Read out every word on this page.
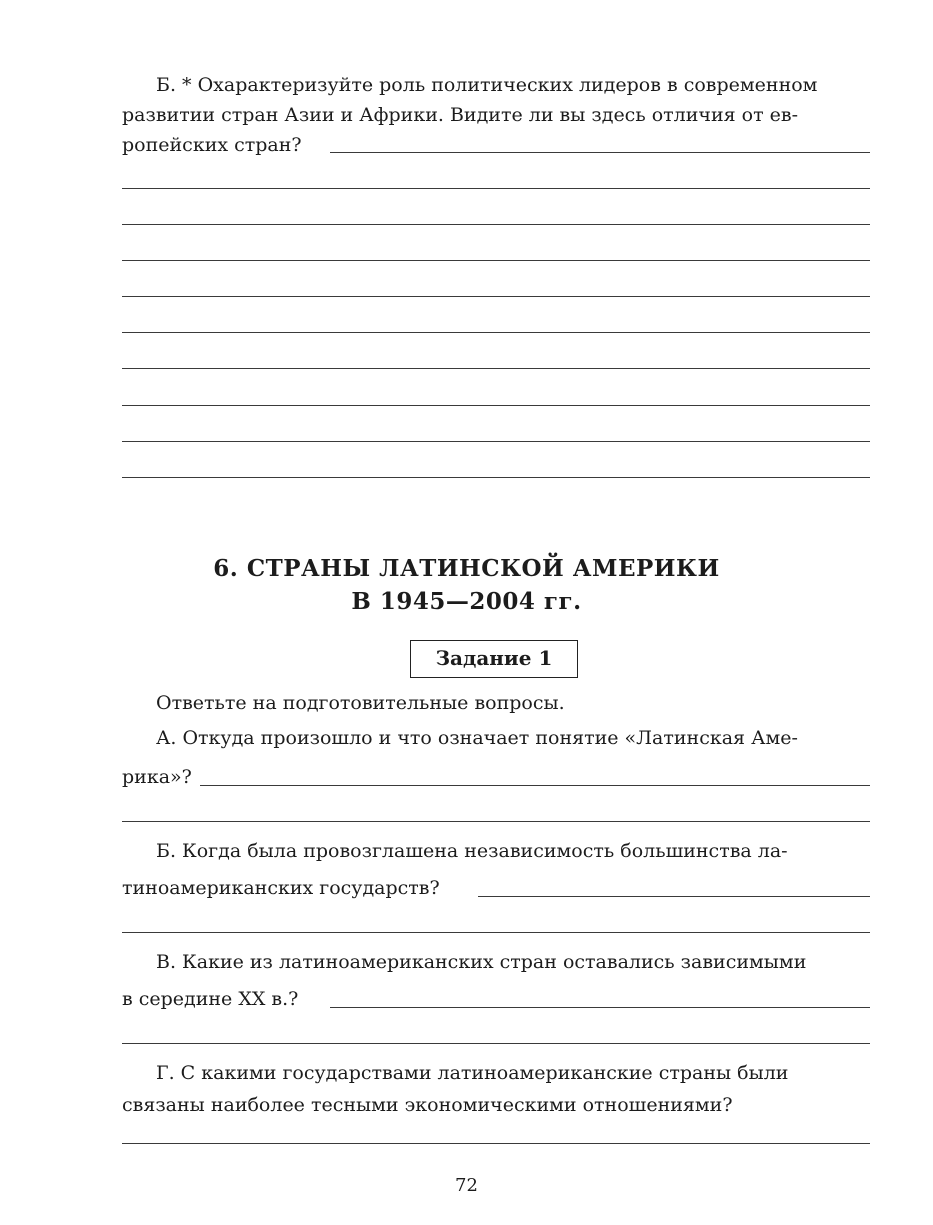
Б. * Охарактеризуйте роль политических лидеров в современном
развитии стран Азии и Африки. Видите ли вы здесь отличия от ев-
ропейских стран?
6. СТРАНЫ ЛАТИНСКОЙ АМЕРИКИ
В 1945—2004 гг.
Задание 1
Ответьте на подготовительные вопросы.
А. Откуда произошло и что означает понятие «Латинская Аме-
рика»?
Б. Когда была провозглашена независимость большинства ла-
тиноамериканских государств?
В. Какие из латиноамериканских стран оставались зависимыми
в середине XX в.?
Г. С какими государствами латиноамериканские страны были
связаны наиболее тесными экономическими отношениями?
72
